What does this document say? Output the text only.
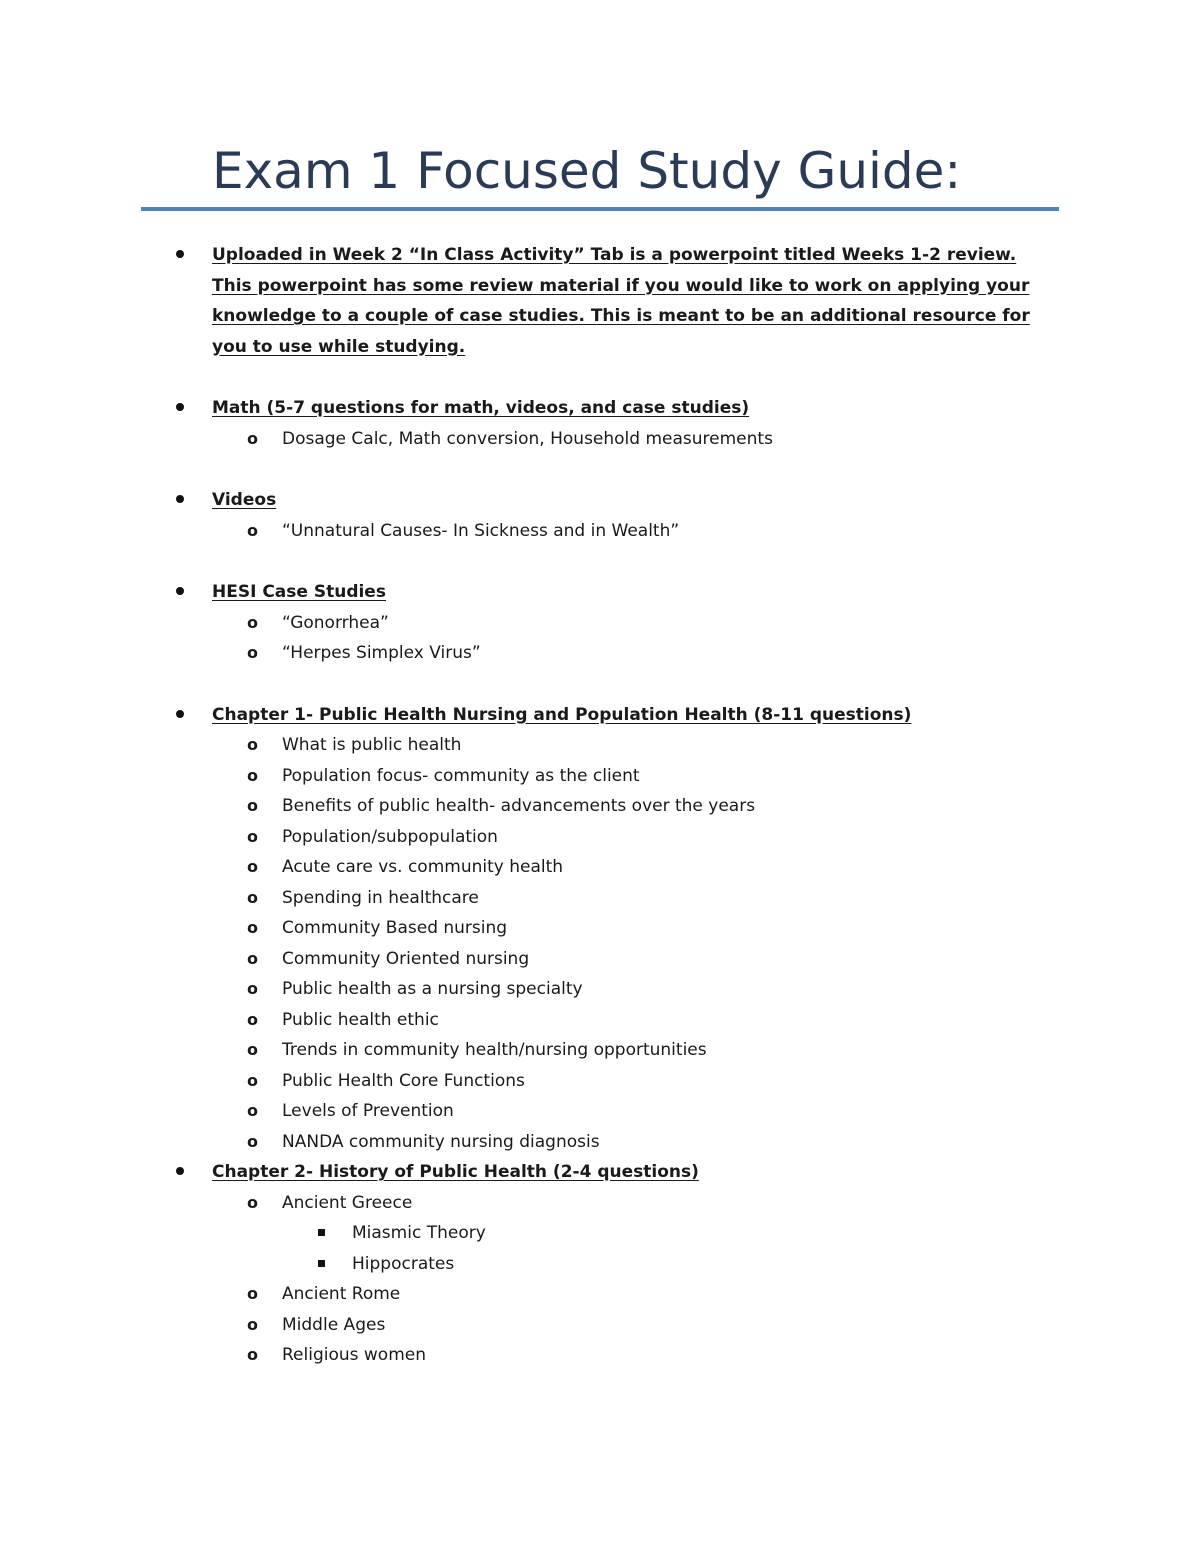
Exam 1 Focused Study Guide:
Uploaded in Week 2 “In Class Activity” Tab is a powerpoint titled Weeks 1-2 review. This powerpoint has some review material if you would like to work on applying your knowledge to a couple of case studies. This is meant to be an additional resource for you to use while studying.
Math (5-7 questions for math, videos, and case studies)
o Dosage Calc, Math conversion, Household measurements
Videos
o “Unnatural Causes- In Sickness and in Wealth”
HESI Case Studies
o “Gonorrhea”
o “Herpes Simplex Virus”
Chapter 1- Public Health Nursing and Population Health (8-11 questions)
o What is public health
o Population focus- community as the client
o Benefits of public health- advancements over the years
o Population/subpopulation
o Acute care vs. community health
o Spending in healthcare
o Community Based nursing
o Community Oriented nursing
o Public health as a nursing specialty
o Public health ethic
o Trends in community health/nursing opportunities
o Public Health Core Functions
o Levels of Prevention
o NANDA community nursing diagnosis
Chapter 2- History of Public Health (2-4 questions)
o Ancient Greece
Miasmic Theory
Hippocrates
o Ancient Rome
o Middle Ages
o Religious women
